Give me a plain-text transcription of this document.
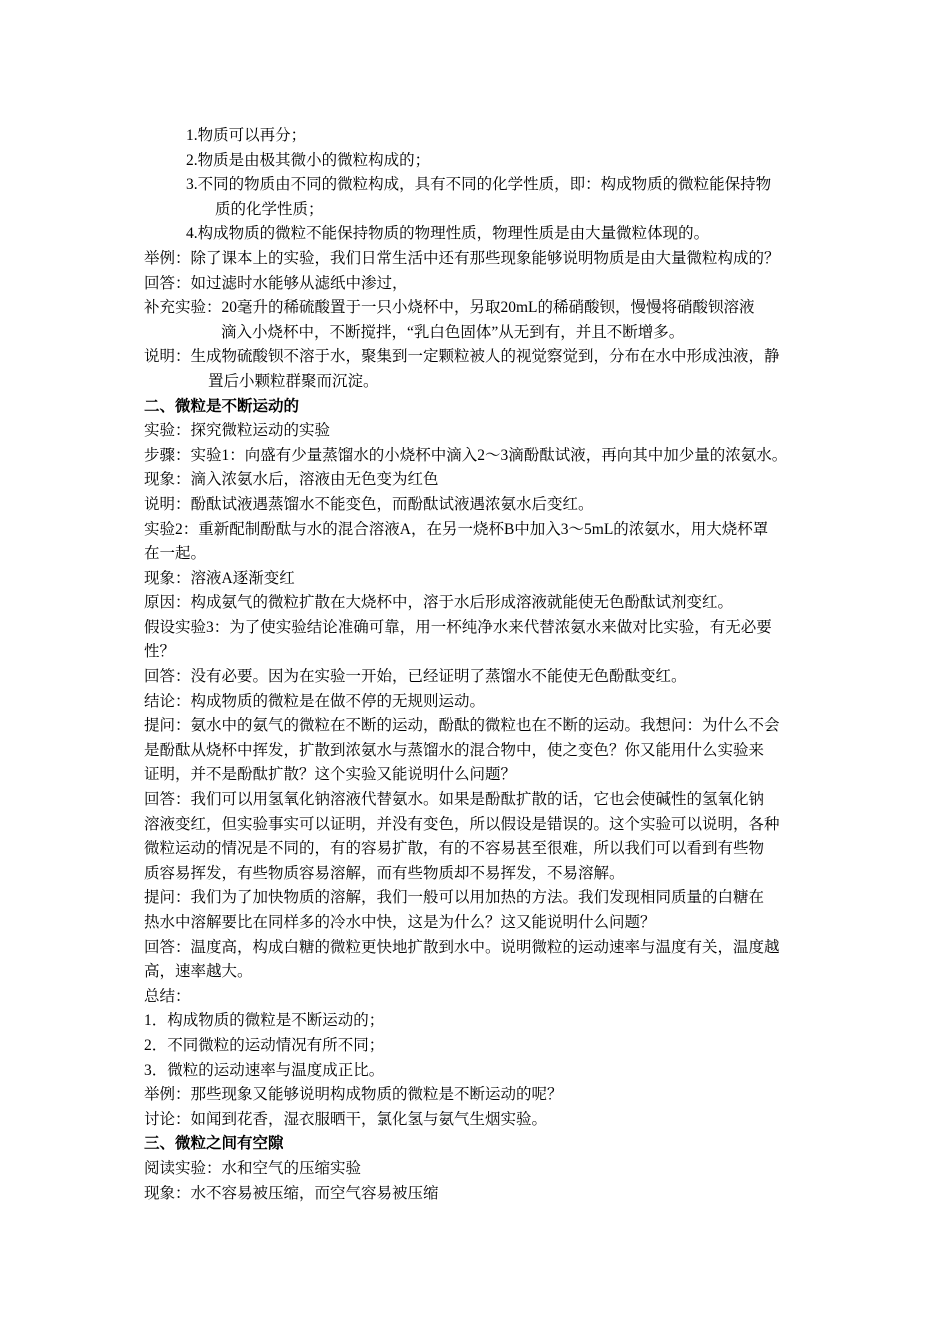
1.物质可以再分；
2.物质是由极其微小的微粒构成的；
3.不同的物质由不同的微粒构成，具有不同的化学性质，即：构成物质的微粒能保持物
质的化学性质；
4.构成物质的微粒不能保持物质的物理性质，物理性质是由大量微粒体现的。
举例：除了课本上的实验，我们日常生活中还有那些现象能够说明物质是由大量微粒构成的？
回答：如过滤时水能够从滤纸中渗过，
补充实验：20毫升的稀硫酸置于一只小烧杯中，另取20mL的稀硝酸钡，慢慢将硝酸钡溶液
滴入小烧杯中，不断搅拌，“乳白色固体”从无到有，并且不断增多。
说明：生成物硫酸钡不溶于水，聚集到一定颗粒被人的视觉察觉到，分布在水中形成浊液，静
置后小颗粒群聚而沉淀。
二、微粒是不断运动的
实验：探究微粒运动的实验
步骤：实验1：向盛有少量蒸馏水的小烧杯中滴入2～3滴酚酞试液，再向其中加少量的浓氨水。
现象：滴入浓氨水后，溶液由无色变为红色
说明：酚酞试液遇蒸馏水不能变色，而酚酞试液遇浓氨水后变红。
实验2：重新配制酚酞与水的混合溶液A，在另一烧杯B中加入3～5mL的浓氨水，用大烧杯罩
在一起。
现象：溶液A逐渐变红
原因：构成氨气的微粒扩散在大烧杯中，溶于水后形成溶液就能使无色酚酞试剂变红。
假设实验3：为了使实验结论准确可靠，用一杯纯净水来代替浓氨水来做对比实验，有无必要
性？
回答：没有必要。因为在实验一开始，已经证明了蒸馏水不能使无色酚酞变红。
结论：构成物质的微粒是在做不停的无规则运动。
提问：氨水中的氨气的微粒在不断的运动，酚酞的微粒也在不断的运动。我想问：为什么不会
是酚酞从烧杯中挥发，扩散到浓氨水与蒸馏水的混合物中，使之变色？你又能用什么实验来
证明，并不是酚酞扩散？这个实验又能说明什么问题？
回答：我们可以用氢氧化钠溶液代替氨水。如果是酚酞扩散的话，它也会使碱性的氢氧化钠
溶液变红，但实验事实可以证明，并没有变色，所以假设是错误的。这个实验可以说明，各种
微粒运动的情况是不同的，有的容易扩散，有的不容易甚至很难，所以我们可以看到有些物
质容易挥发，有些物质容易溶解，而有些物质却不易挥发，不易溶解。
提问：我们为了加快物质的溶解，我们一般可以用加热的方法。我们发现相同质量的白糖在
热水中溶解要比在同样多的冷水中快，这是为什么？这又能说明什么问题？
回答：温度高，构成白糖的微粒更快地扩散到水中。说明微粒的运动速率与温度有关，温度越
高，速率越大。
总结：
1．构成物质的微粒是不断运动的；
2．不同微粒的运动情况有所不同；
3．微粒的运动速率与温度成正比。
举例：那些现象又能够说明构成物质的微粒是不断运动的呢？
讨论：如闻到花香，湿衣服晒干，氯化氢与氨气生烟实验。
三、微粒之间有空隙
阅读实验：水和空气的压缩实验
现象：水不容易被压缩，而空气容易被压缩
